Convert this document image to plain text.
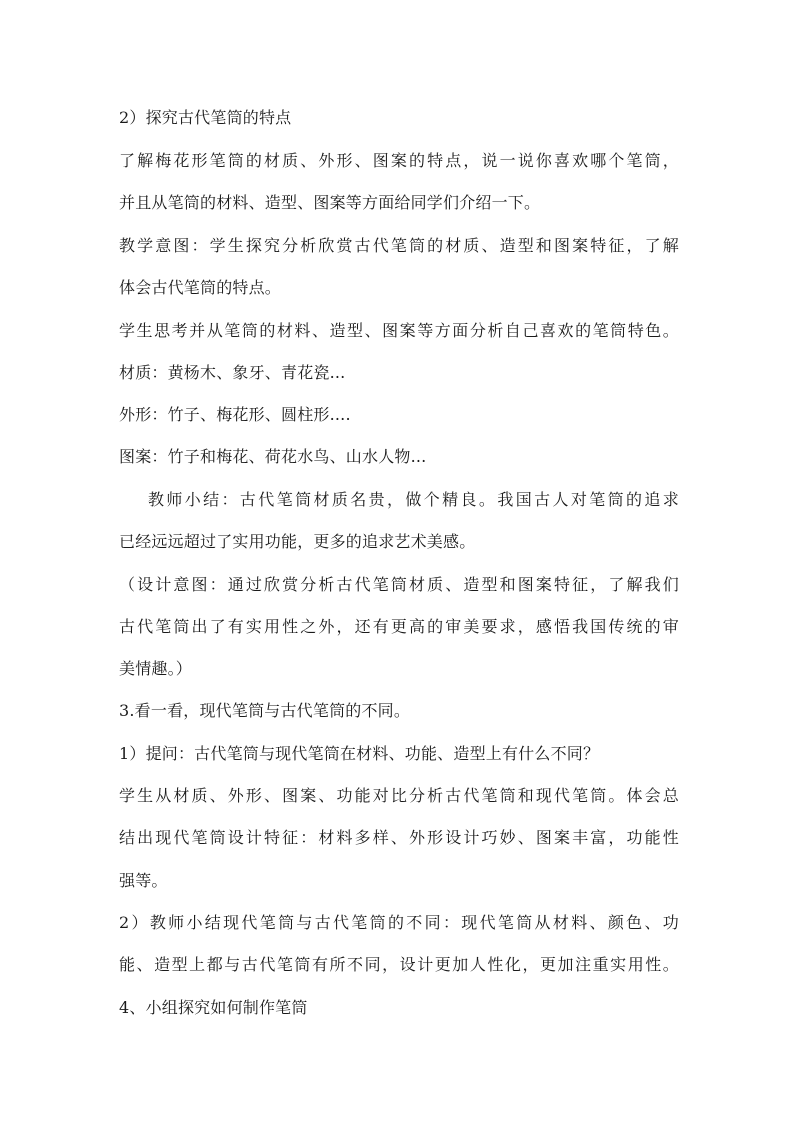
2）探究古代笔筒的特点
了解梅花形笔筒的材质、外形、图案的特点，说一说你喜欢哪个笔筒，
并且从笔筒的材料、造型、图案等方面给同学们介绍一下。
教学意图：学生探究分析欣赏古代笔筒的材质、造型和图案特征，了解
体会古代笔筒的特点。
学生思考并从笔筒的材料、造型、图案等方面分析自己喜欢的笔筒特色。
材质：黄杨木、象牙、青花瓷...
外形：竹子、梅花形、圆柱形....
图案：竹子和梅花、荷花水鸟、山水人物...
教师小结：古代笔筒材质名贵，做个精良。我国古人对笔筒的追求
已经远远超过了实用功能，更多的追求艺术美感。
（设计意图：通过欣赏分析古代笔筒材质、造型和图案特征，了解我们
古代笔筒出了有实用性之外，还有更高的审美要求，感悟我国传统的审
美情趣。）
3.看一看，现代笔筒与古代笔筒的不同。
1）提问：古代笔筒与现代笔筒在材料、功能、造型上有什么不同？
学生从材质、外形、图案、功能对比分析古代笔筒和现代笔筒。体会总
结出现代笔筒设计特征：材料多样、外形设计巧妙、图案丰富，功能性
强等。
2）教师小结现代笔筒与古代笔筒的不同：现代笔筒从材料、颜色、功
能、造型上都与古代笔筒有所不同，设计更加人性化，更加注重实用性。
4、小组探究如何制作笔筒
